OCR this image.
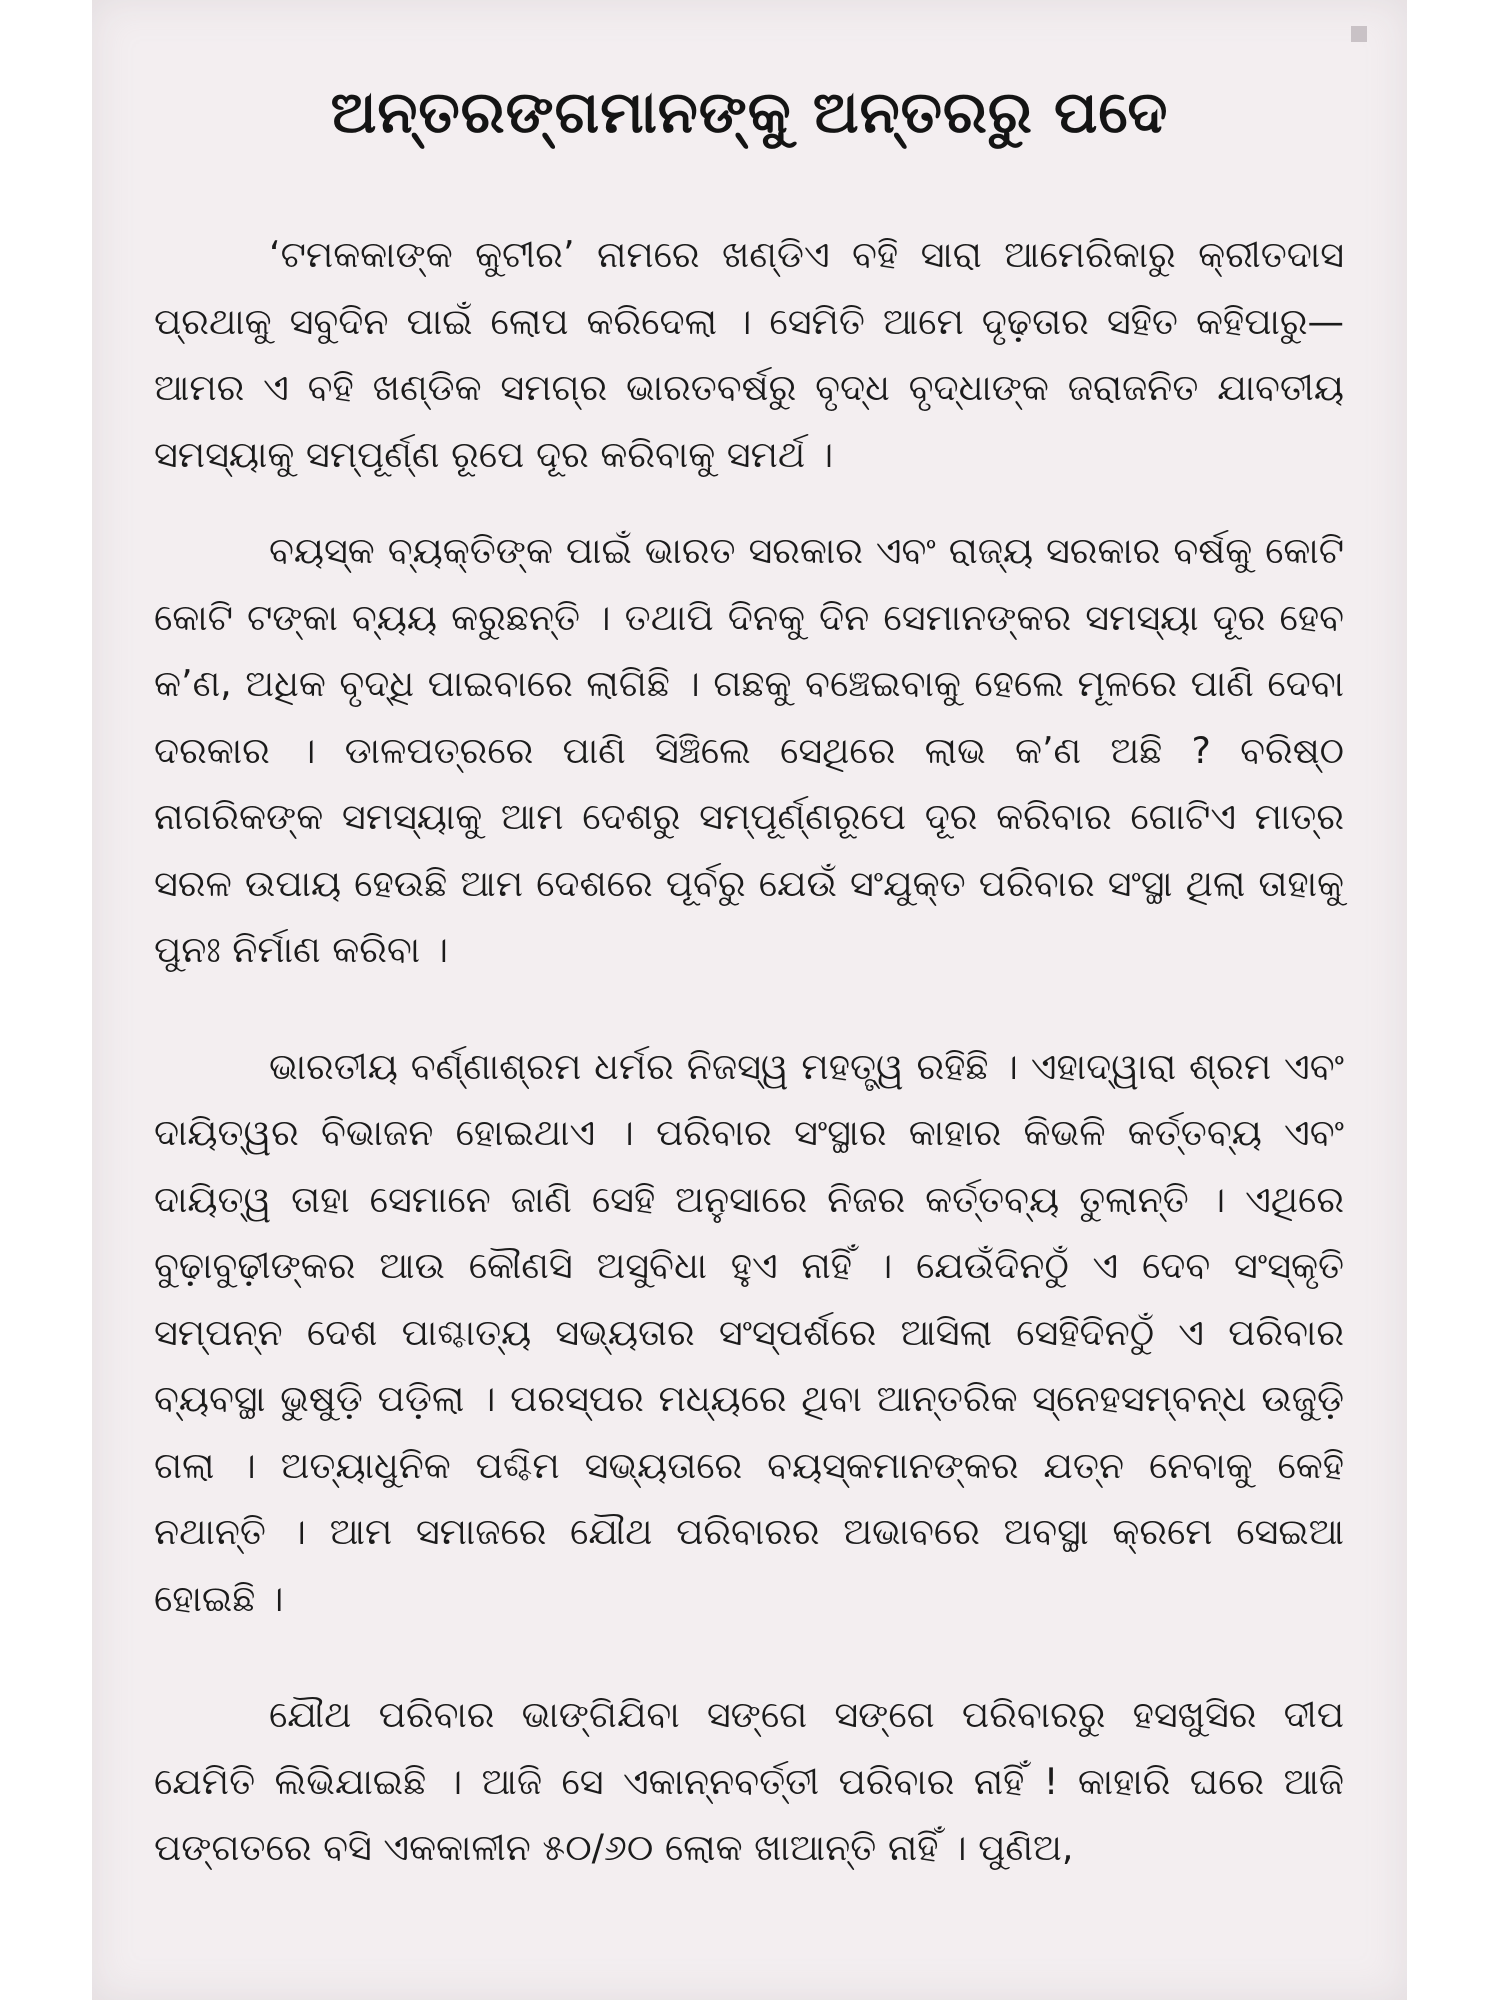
ଅନ୍ତରଙ୍ଗମାନଙ୍କୁ ଅନ୍ତରରୁ ପଦେ

‘ଟମକକାଙ୍କ କୁଟୀର’ ନାମରେ ଖଣ୍ଡିଏ ବହି ସାରା ଆମେରିକାରୁ କ୍ରୀତଦାସ ପ୍ରଥାକୁ ସବୁଦିନ ପାଇଁ ଲୋପ କରିଦେଲା । ସେମିତି ଆମେ ଦୃଢ଼ତାର ସହିତ କହିପାରୁ—ଆମର ଏ ବହି ଖଣ୍ଡିକ ସମଗ୍ର ଭାରତବର୍ଷରୁ ବୃଦ୍ଧ ବୃଦ୍ଧାଙ୍କ ଜରାଜନିତ ଯାବତୀୟ ସମସ୍ୟାକୁ ସମ୍ପୂର୍ଣ୍ଣ ରୂପେ ଦୂର କରିବାକୁ ସମର୍ଥ ।

ବୟସ୍କ ବ୍ୟକ୍ତିଙ୍କ ପାଇଁ ଭାରତ ସରକାର ଏବଂ ରାଜ୍ୟ ସରକାର ବର୍ଷକୁ କୋଟି କୋଟି ଟଙ୍କା ବ୍ୟୟ କରୁଛନ୍ତି । ତଥାପି ଦିନକୁ ଦିନ ସେମାନଙ୍କର ସମସ୍ୟା ଦୂର ହେବ କ’ଣ, ଅଧିକ ବୃଦ୍ଧି ପାଇବାରେ ଲାଗିଛି । ଗଛକୁ ବଞ୍ଚେଇବାକୁ ହେଲେ ମୂଳରେ ପାଣି ଦେବା ଦରକାର । ଡାଳପତ୍ରରେ ପାଣି ସିଞ୍ଚିଲେ ସେଥିରେ ଲାଭ କ’ଣ ଅଛି ? ବରିଷ୍ଠ ନାଗରିକଙ୍କ ସମସ୍ୟାକୁ ଆମ ଦେଶରୁ ସମ୍ପୂର୍ଣ୍ଣରୂପେ ଦୂର କରିବାର ଗୋଟିଏ ମାତ୍ର ସରଳ ଉପାୟ ହେଉଛି ଆମ ଦେଶରେ ପୂର୍ବରୁ ଯେଉଁ ସଂଯୁକ୍ତ ପରିବାର ସଂସ୍ଥା ଥିଲା ତାହାକୁ ପୁନଃ ନିର୍ମାଣ କରିବା ।

ଭାରତୀୟ ବର୍ଣ୍ଣାଶ୍ରମ ଧର୍ମର ନିଜସ୍ୱ ମହତ୍ତ୍ୱ ରହିଛି । ଏହାଦ୍ୱାରା ଶ୍ରମ ଏବଂ ଦାୟିତ୍ୱର ବିଭାଜନ ହୋଇଥାଏ । ପରିବାର ସଂସ୍ଥାର କାହାର କିଭଳି କର୍ତ୍ତବ୍ୟ ଏବଂ ଦାୟିତ୍ୱ ତାହା ସେମାନେ ଜାଣି ସେହି ଅନୁସାରେ ନିଜର କର୍ତ୍ତବ୍ୟ ତୁଲାନ୍ତି । ଏଥିରେ ବୁଢ଼ାବୁଢ଼ୀଙ୍କର ଆଉ କୌଣସି ଅସୁବିଧା ହୁଏ ନାହିଁ । ଯେଉଁଦିନଠୁଁ ଏ ଦେବ ସଂସ୍କୃତି ସମ୍ପନ୍ନ ଦେଶ ପାଶ୍ଚାତ୍ୟ ସଭ୍ୟତାର ସଂସ୍ପର୍ଶରେ ଆସିଲା ସେହିଦିନଠୁଁ ଏ ପରିବାର ବ୍ୟବସ୍ଥା ଭୁଷୁଡ଼ି ପଡ଼ିଲା । ପରସ୍ପର ମଧ୍ୟରେ ଥିବା ଆନ୍ତରିକ ସ୍ନେହସମ୍ବନ୍ଧ ଉଜୁଡ଼ି ଗଲା । ଅତ୍ୟାଧୁନିକ ପଶ୍ଚିମ ସଭ୍ୟତାରେ ବୟସ୍କମାନଙ୍କର ଯତ୍ନ ନେବାକୁ କେହି ନଥାନ୍ତି । ଆମ ସମାଜରେ ଯୌଥ ପରିବାରର ଅଭାବରେ ଅବସ୍ଥା କ୍ରମେ ସେଇଆ ହୋଇଛି ।

ଯୌଥ ପରିବାର ଭାଙ୍ଗିଯିବା ସଙ୍ଗେ ସଙ୍ଗେ ପରିବାରରୁ ହସଖୁସିର ଦୀପ ଯେମିତି ଲିଭିଯାଇଛି । ଆଜି ସେ ଏକାନ୍ନବର୍ତ୍ତୀ ପରିବାର ନାହିଁ ! କାହାରି ଘରେ ଆଜି ପଙ୍ଗତରେ ବସି ଏକକାଳୀନ ୫୦/୬୦ ଲୋକ ଖାଆନ୍ତି ନାହିଁ । ପୁଣିଅ,
